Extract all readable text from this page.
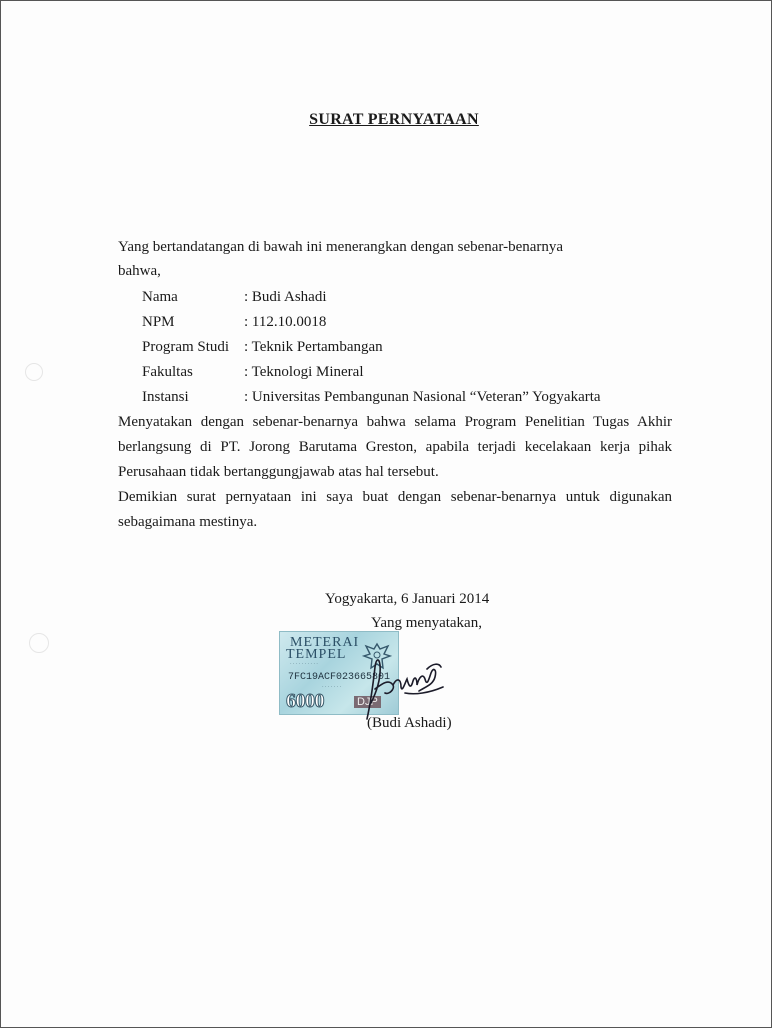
SURAT PERNYATAAN
Yang bertandatangan di bawah ini menerangkan dengan sebenar-benarnya
bahwa,
Nama	: Budi Ashadi
NPM	: 112.10.0018
Program Studi : Teknik Pertambangan
Fakultas	: Teknologi Mineral
Instansi	: Universitas Pembangunan Nasional “Veteran” Yogyakarta
Menyatakan dengan sebenar-benarnya bahwa selama Program Penelitian Tugas Akhir
berlangsung di PT. Jorong Barutama Greston, apabila terjadi kecelakaan kerja pihak
Perusahaan tidak bertanggungjawab atas hal tersebut.
Demikian surat pernyataan ini saya buat dengan sebenar-benarnya untuk digunakan
sebagaimana mestinya.
Yogyakarta, 6 Januari 2014
Yang menyatakan,
METERAI
TEMPEL
· · · · · · · · · ·
7FC19ACF023665801
· · · · · · ·
6000	DJP
(Budi Ashadi)
